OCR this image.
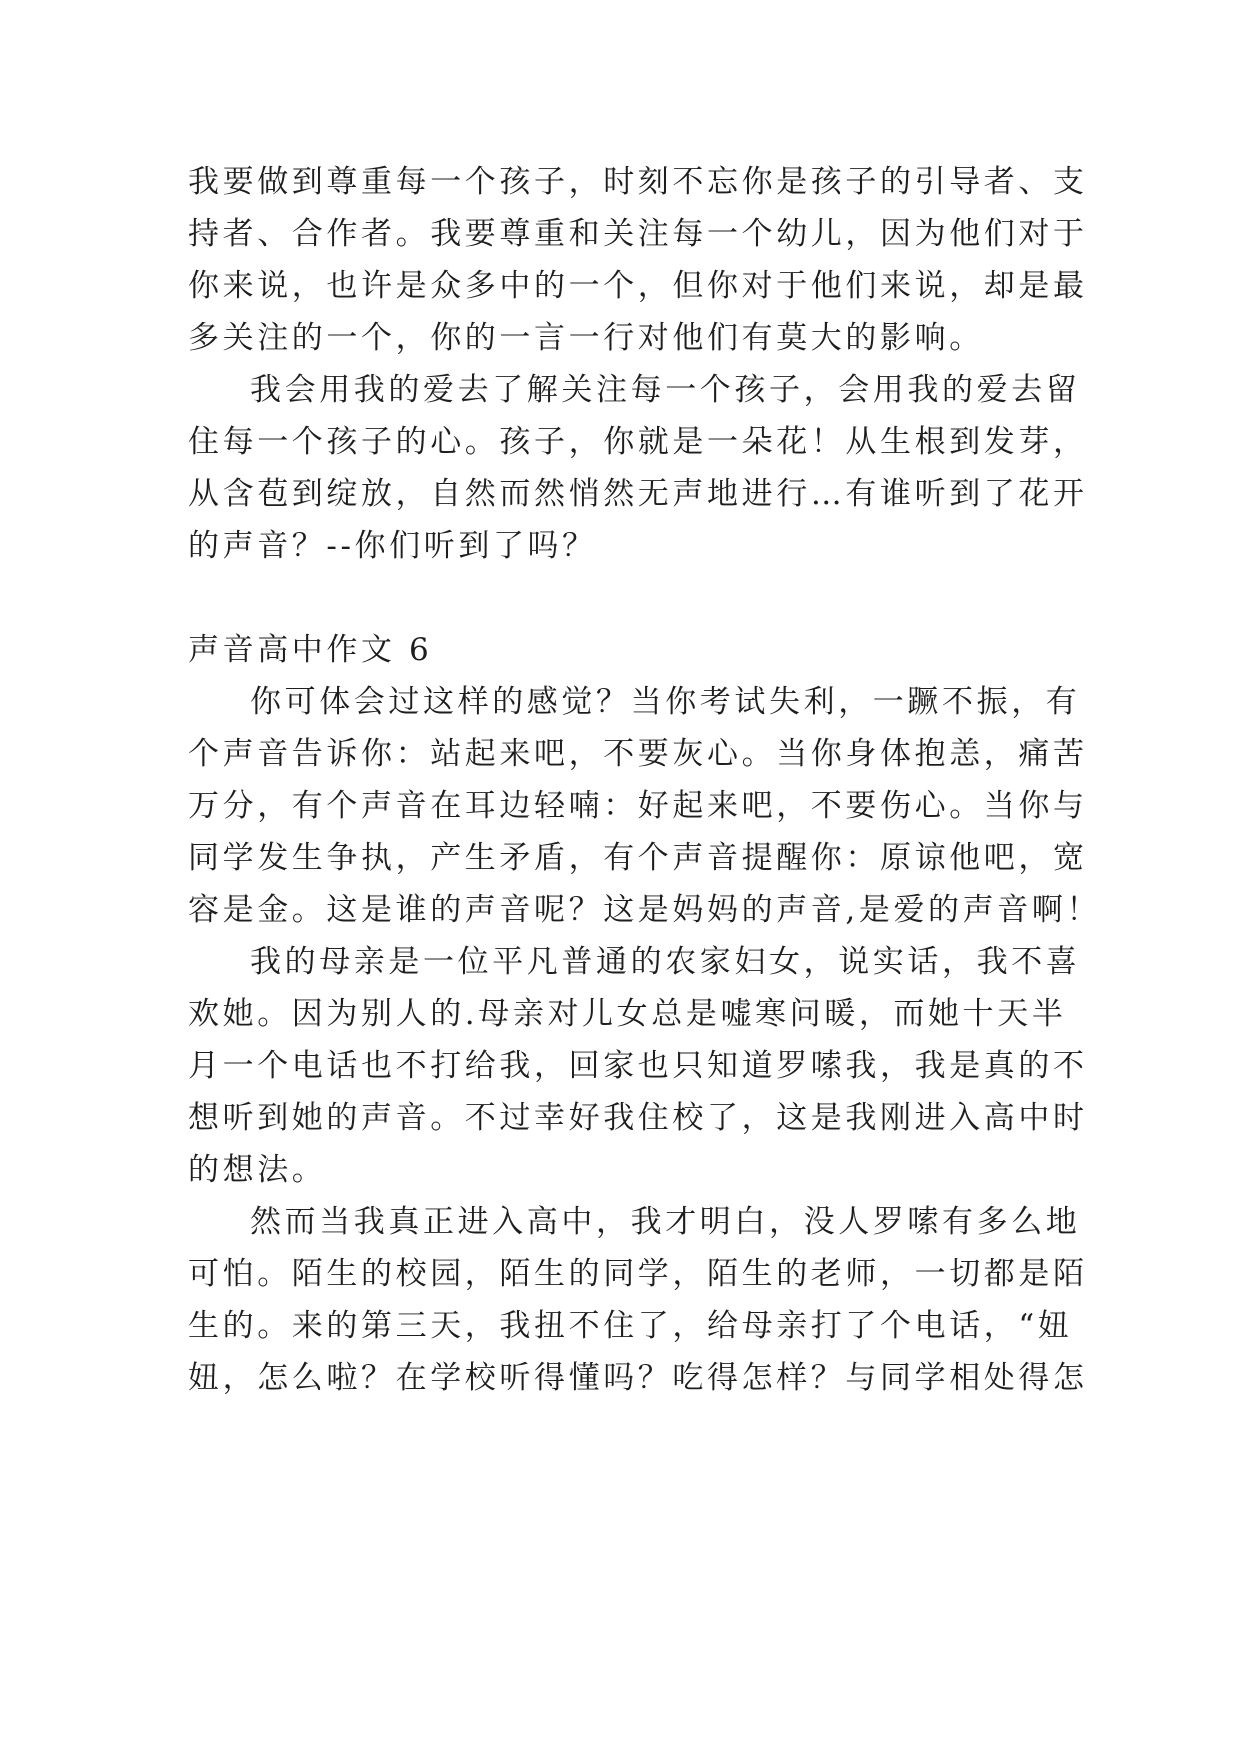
我要做到尊重每一个孩子，时刻不忘你是孩子的引导者、支
持者、合作者。我要尊重和关注每一个幼儿，因为他们对于
你来说，也许是众多中的一个，但你对于他们来说，却是最
多关注的一个，你的一言一行对他们有莫大的影响。
我会用我的爱去了解关注每一个孩子，会用我的爱去留
住每一个孩子的心。孩子，你就是一朵花！从生根到发芽，
从含苞到绽放，自然而然悄然无声地进行…有谁听到了花开
的声音？--你们听到了吗？
声音高中作文 6
你可体会过这样的感觉？当你考试失利，一蹶不振，有
个声音告诉你：站起来吧，不要灰心。当你身体抱恙，痛苦
万分，有个声音在耳边轻喃：好起来吧，不要伤心。当你与
同学发生争执，产生矛盾，有个声音提醒你：原谅他吧，宽
容是金。这是谁的声音呢？这是妈妈的声音,是爱的声音啊！
我的母亲是一位平凡普通的农家妇女，说实话，我不喜
欢她。因为别人的.母亲对儿女总是嘘寒问暖，而她十天半
月一个电话也不打给我，回家也只知道罗嗦我，我是真的不
想听到她的声音。不过幸好我住校了，这是我刚进入高中时
的想法。
然而当我真正进入高中，我才明白，没人罗嗦有多么地
可怕。陌生的校园，陌生的同学，陌生的老师，一切都是陌
生的。来的第三天，我扭不住了，给母亲打了个电话，“妞
妞，怎么啦？在学校听得懂吗？吃得怎样？与同学相处得怎
